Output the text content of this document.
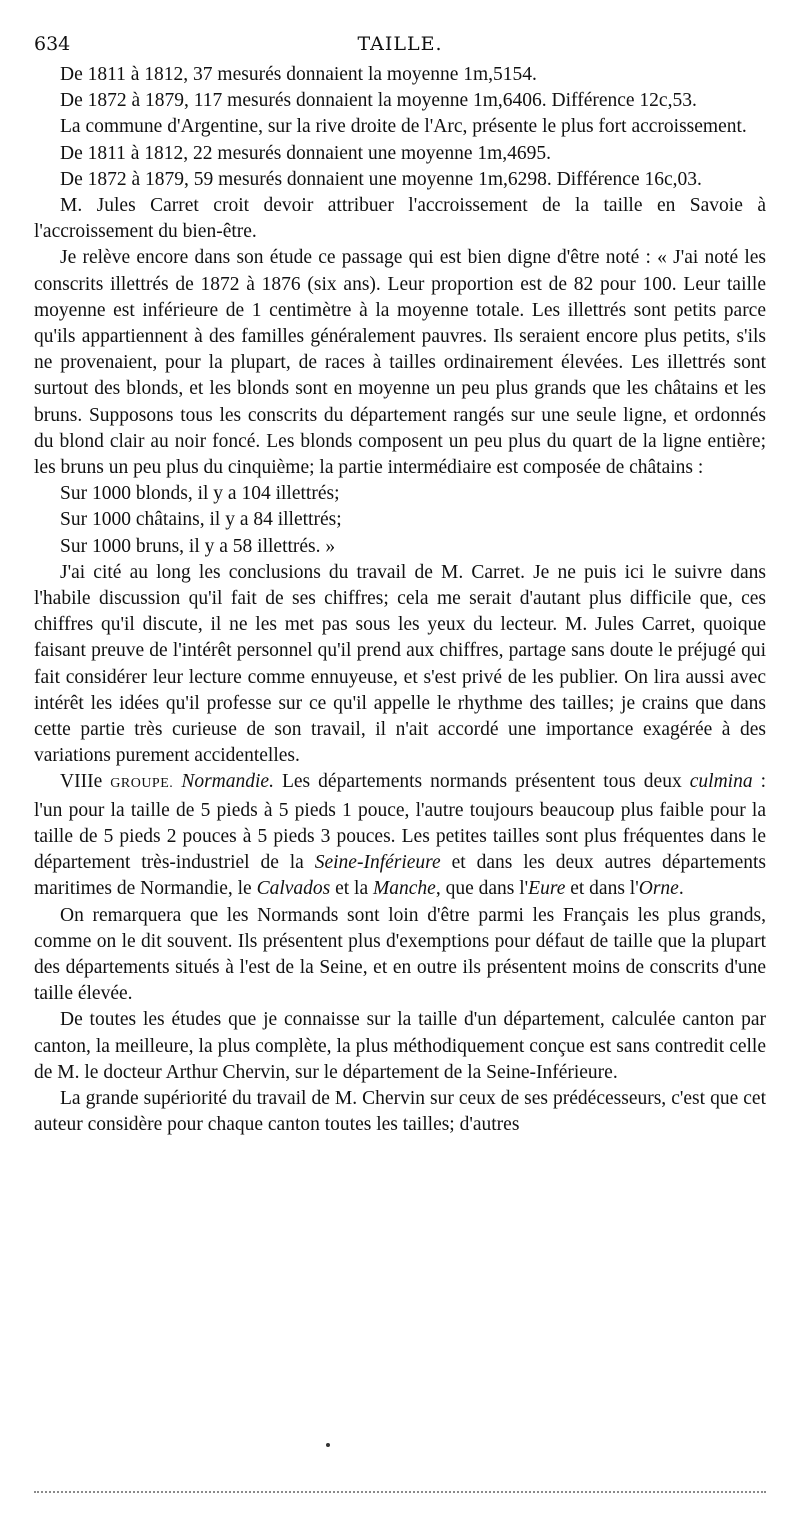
634	TAILLE.

De 1811 à 1812, 37 mesurés donnaient la moyenne 1m,5154.

De 1872 à 1879, 117 mesurés donnaient la moyenne 1m,6406. Différence 12c,53.

La commune d'Argentine, sur la rive droite de l'Arc, présente le plus fort accroissement.

De 1811 à 1812, 22 mesurés donnaient une moyenne 1m,4695.

De 1872 à 1879, 59 mesurés donnaient une moyenne 1m,6298. Différence 16c,03.

M. Jules Carret croit devoir attribuer l'accroissement de la taille en Savoie à l'accroissement du bien-être.

Je relève encore dans son étude ce passage qui est bien digne d'être noté : « J'ai noté les conscrits illettrés de 1872 à 1876 (six ans). Leur proportion est de 82 pour 100. Leur taille moyenne est inférieure de 1 centimètre à la moyenne totale. Les illettrés sont petits parce qu'ils appartiennent à des familles généralement pauvres. Ils seraient encore plus petits, s'ils ne provenaient, pour la plupart, de races à tailles ordinairement élevées. Les illettrés sont surtout des blonds, et les blonds sont en moyenne un peu plus grands que les châtains et les bruns. Supposons tous les conscrits du département rangés sur une seule ligne, et ordonnés du blond clair au noir foncé. Les blonds composent un peu plus du quart de la ligne entière; les bruns un peu plus du cinquième; la partie intermédiaire est composée de châtains :

Sur 1000 blonds, il y a 104 illettrés;

Sur 1000 châtains, il y a 84 illettrés;

Sur 1000 bruns, il y a 58 illettrés. »

J'ai cité au long les conclusions du travail de M. Carret. Je ne puis ici le suivre dans l'habile discussion qu'il fait de ses chiffres; cela me serait d'autant plus difficile que, ces chiffres qu'il discute, il ne les met pas sous les yeux du lecteur. M. Jules Carret, quoique faisant preuve de l'intérêt personnel qu'il prend aux chiffres, partage sans doute le préjugé qui fait considérer leur lecture comme ennuyeuse, et s'est privé de les publier. On lira aussi avec intérêt les idées qu'il professe sur ce qu'il appelle le rhythme des tailles; je crains que dans cette partie très curieuse de son travail, il n'ait accordé une importance exagérée à des variations purement accidentelles.

VIIIe GROUPE. Normandie. Les départements normands présentent tous deux culmina : l'un pour la taille de 5 pieds à 5 pieds 1 pouce, l'autre toujours beaucoup plus faible pour la taille de 5 pieds 2 pouces à 5 pieds 3 pouces. Les petites tailles sont plus fréquentes dans le département très-industriel de la Seine-Inférieure et dans les deux autres départements maritimes de Normandie, le Calvados et la Manche, que dans l'Eure et dans l'Orne.

On remarquera que les Normands sont loin d'être parmi les Français les plus grands, comme on le dit souvent. Ils présentent plus d'exemptions pour défaut de taille que la plupart des départements situés à l'est de la Seine, et en outre ils présentent moins de conscrits d'une taille élevée.

De toutes les études que je connaisse sur la taille d'un département, calculée canton par canton, la meilleure, la plus complète, la plus méthodiquement conçue est sans contredit celle de M. le docteur Arthur Chervin, sur le département de la Seine-Inférieure.

La grande supériorité du travail de M. Chervin sur ceux de ses prédécesseurs, c'est que cet auteur considère pour chaque canton toutes les tailles; d'autres
